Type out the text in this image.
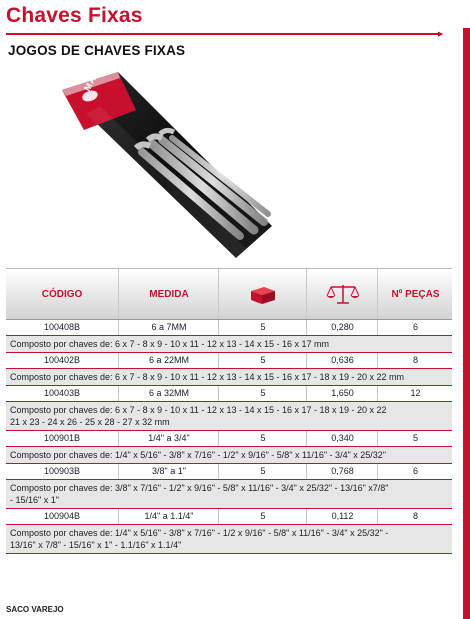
Chaves Fixas
▶
JOGOS DE CHAVES FIXAS
MAYLE
CÓDIGO	MEDIDA	Nº PEÇAS
100408B	6 a 7MM	5	0,280	6
Composto por chaves de: 6 x 7 - 8 x 9 - 10 x 11 - 12 x 13 - 14 x 15 - 16 x 17 mm
100402B	6 a 22MM	5	0,636	8
Composto por chaves de: 6 x 7 - 8 x 9 - 10 x 11 - 12 x 13 - 14 x 15 - 16 x 17 - 18 x 19 - 20 x 22 mm
100403B	6 a 32MM	5	1,650	12
Composto por chaves de: 6 x 7 - 8 x 9 - 10 x 11 - 12 x 13 - 14 x 15 - 16 x 17 - 18 x 19 - 20 x 22
21 x 23 - 24 x 26 - 25 x 28 - 27 x 32 mm
100901B	1/4" a 3/4"	5	0,340	5
Composto por chaves de: 1/4" x 5/16" - 3/8" x 7/16" - 1/2" x 9/16" - 5/8" x 11/16" - 3/4" x 25/32"
100903B	3/8" a 1"	5	0,768	6
Composto por chaves de: 3/8" x 7/16" - 1/2" x 9/16" - 5/8" x 11/16" - 3/4" x 25/32" - 13/16" x7/8"
- 15/16" x 1"
100904B	1/4" a 1.1/4"	5	0,112	8
Composto por chaves de: 1/4" x 5/16" - 3/8" x 7/16" - 1/2 x 9/16" - 5/8" x 11/16" - 3/4" x 25/32" -
13/16" x 7/8" - 15/16" x 1" - 1.1/16" x 1.1/4"
SACO VAREJO
